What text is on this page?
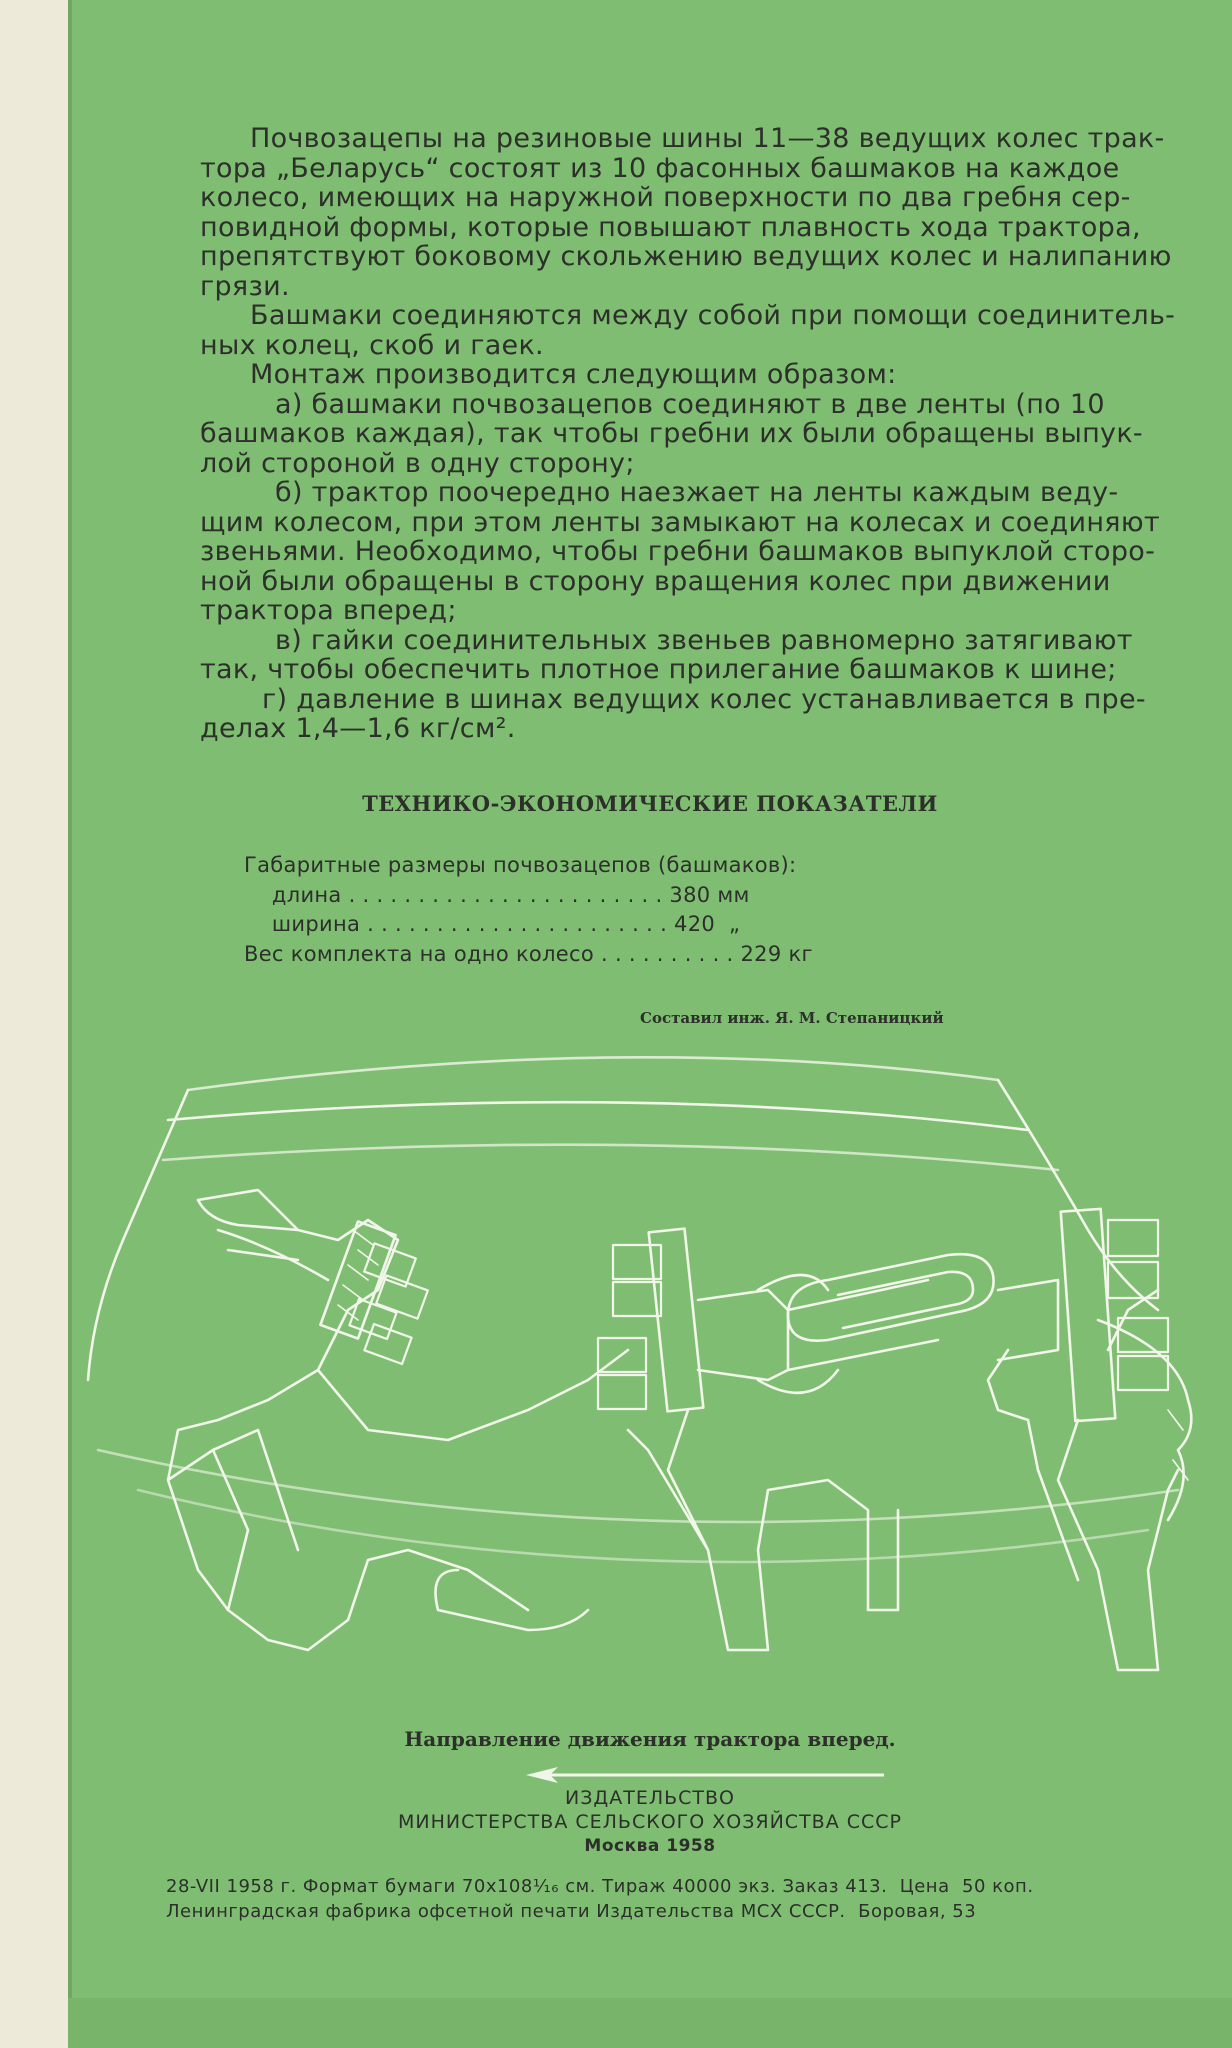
Почвозацепы на резиновые шины 11—38 ведущих колес трак-
тора „Беларусь“ состоят из 10 фасонных башмаков на каждое
колесо, имеющих на наружной поверхности по два гребня сер-
повидной формы, которые повышают плавность хода трактора,
препятствуют боковому скольжению ведущих колес и налипанию
грязи.
Башмаки соединяются между собой при помощи соединитель-
ных колец, скоб и гаек.
Монтаж производится следующим образом:
а) башмаки почвозацепов соединяют в две ленты (по 10
башмаков каждая), так чтобы гребни их были обращены выпук-
лой стороной в одну сторону;
б) трактор поочередно наезжает на ленты каждым веду-
щим колесом, при этом ленты замыкают на колесах и соединяют
звеньями. Необходимо, чтобы гребни башмаков выпуклой сторо-
ной были обращены в сторону вращения колес при движении
трактора вперед;
в) гайки соединительных звеньев равномерно затягивают
так, чтобы обеспечить плотное прилегание башмаков к шине;
г) давление в шинах ведущих колес устанавливается в пре-
делах 1,4—1,6 кг/см².
ТЕХНИКО-ЭКОНОМИЧЕСКИЕ ПОКАЗАТЕЛИ
Габаритные размеры почвозацепов (башмаков):
длина . . . . . . . . . . . . . . . . . . . . . . . 380 мм
ширина . . . . . . . . . . . . . . . . . . . . . . 420  „
Вес комплекта на одно колесо . . . . . . . . . . 229 кг
Составил инж. Я. М. Степаницкий
Направление движения трактора вперед.
ИЗДАТЕЛЬСТВО
МИНИСТЕРСТВА СЕЛЬСКОГО ХОЗЯЙСТВА СССР
Москва 1958
28-VII 1958 г. Формат бумаги 70x108⅟₁₆ см. Тираж 40000 экз. Заказ 413.  Цена  50 коп.
Ленинградская фабрика офсетной печати Издательства МСХ СССР.  Боровая, 53
